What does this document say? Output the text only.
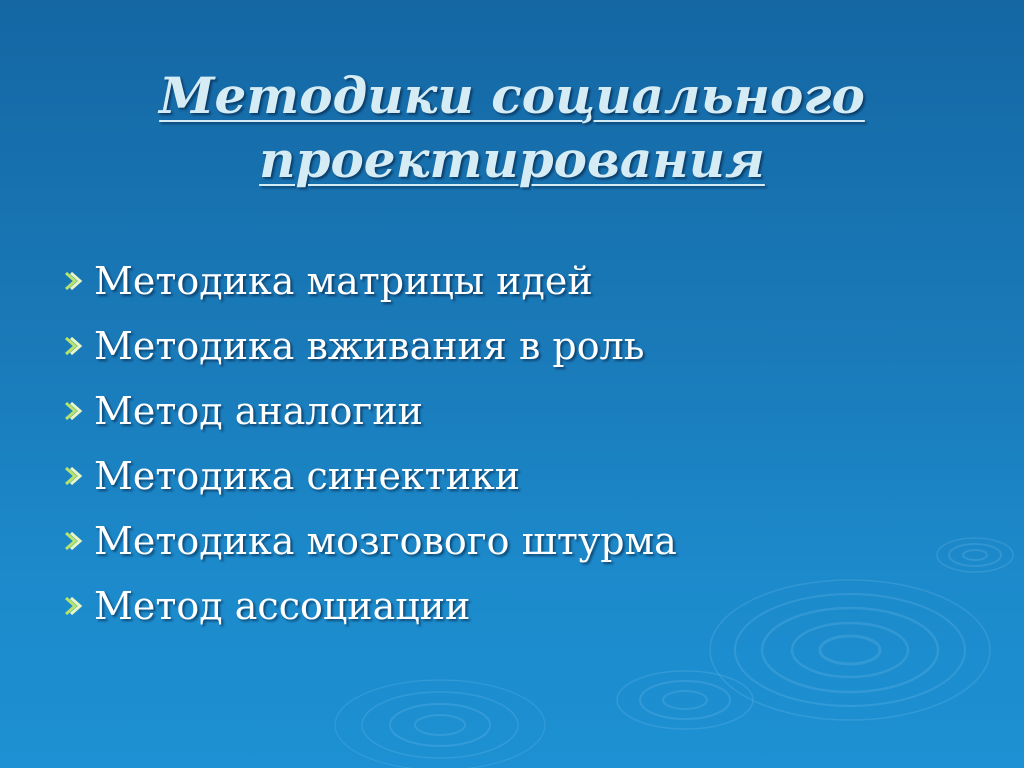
Методики социального
проектирования
Методика матрицы идей
Методика вживания в роль
Метод аналогии
Методика синектики
Методика мозгового штурма
Метод ассоциации
